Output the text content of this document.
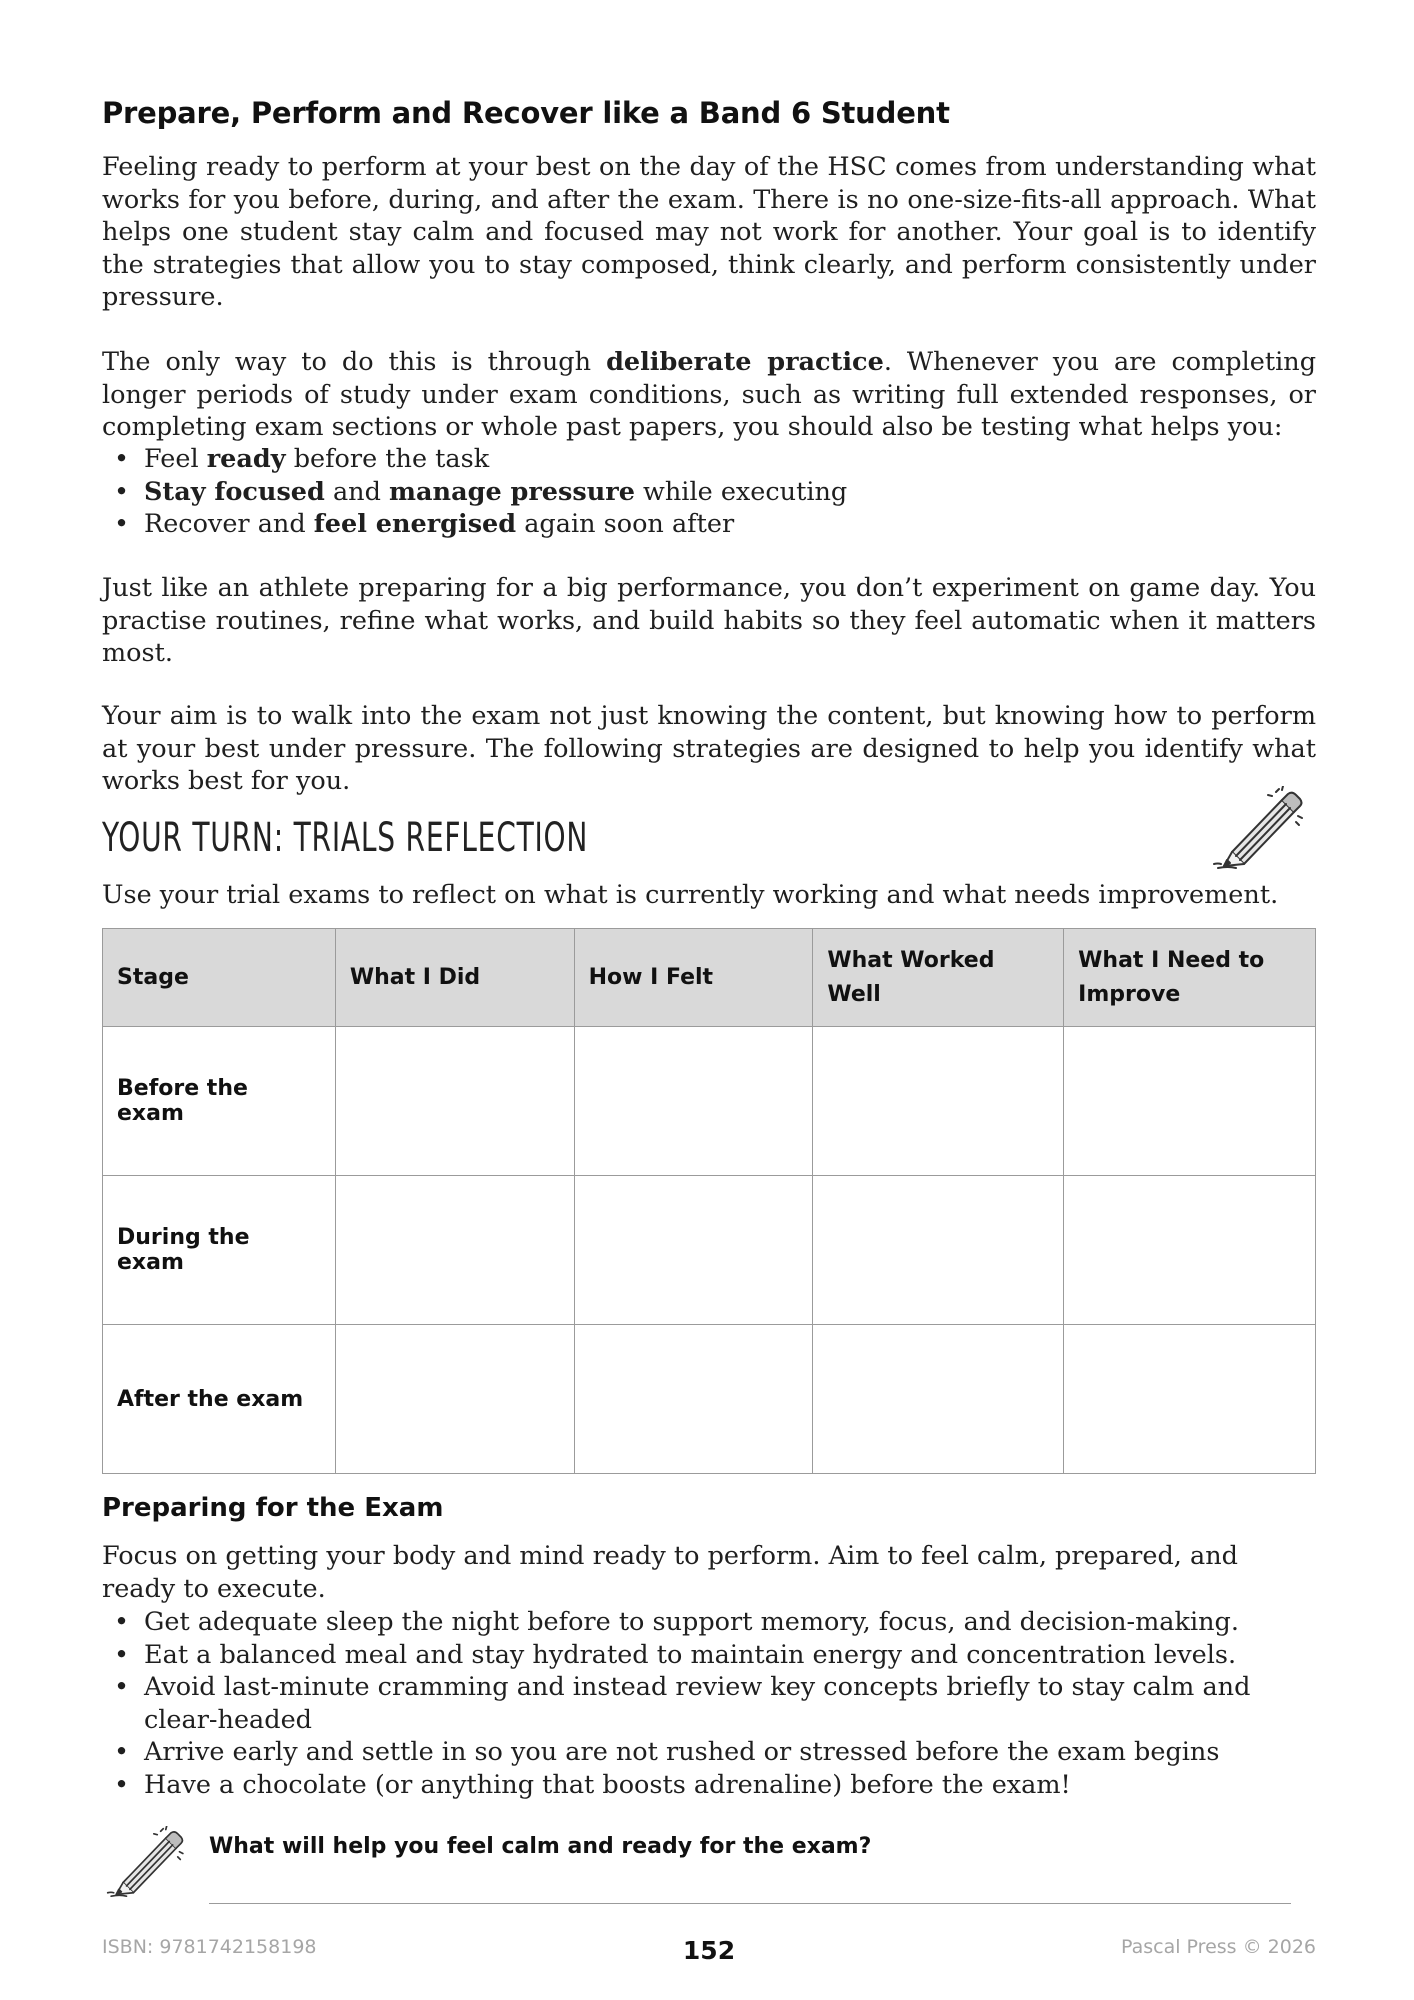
Prepare, Perform and Recover like a Band 6 Student

Feeling ready to perform at your best on the day of the HSC comes from understanding what works for you before, during, and after the exam. There is no one-size-fits-all approach. What helps one student stay calm and focused may not work for another. Your goal is to identify the strategies that allow you to stay composed, think clearly, and perform consistently under pressure.

The only way to do this is through deliberate practice. Whenever you are completing longer periods of study under exam conditions, such as writing full extended responses, or completing exam sections or whole past papers, you should also be testing what helps you:

• Feel ready before the task
• Stay focused and manage pressure while executing
• Recover and feel energised again soon after

Just like an athlete preparing for a big performance, you don’t experiment on game day. You practise routines, refine what works, and build habits so they feel automatic when it matters most.

Your aim is to walk into the exam not just knowing the content, but knowing how to perform at your best under pressure. The following strategies are designed to help you identify what works best for you.

YOUR TURN: TRIALS REFLECTION

Use your trial exams to reflect on what is currently working and what needs improvement.

Stage	What I Did	How I Felt	What Worked Well	What I Need to Improve
Before the exam				
During the exam				
After the exam				
Preparing for the Exam

Focus on getting your body and mind ready to perform. Aim to feel calm, prepared, and ready to execute.

• Get adequate sleep the night before to support memory, focus, and decision-making.
• Eat a balanced meal and stay hydrated to maintain energy and concentration levels.
• Avoid last-minute cramming and instead review key concepts briefly to stay calm and clear-headed
• Arrive early and settle in so you are not rushed or stressed before the exam begins
• Have a chocolate (or anything that boosts adrenaline) before the exam!
What will help you feel calm and ready for the exam?
ISBN: 9781742158198	152	Pascal Press © 2026
